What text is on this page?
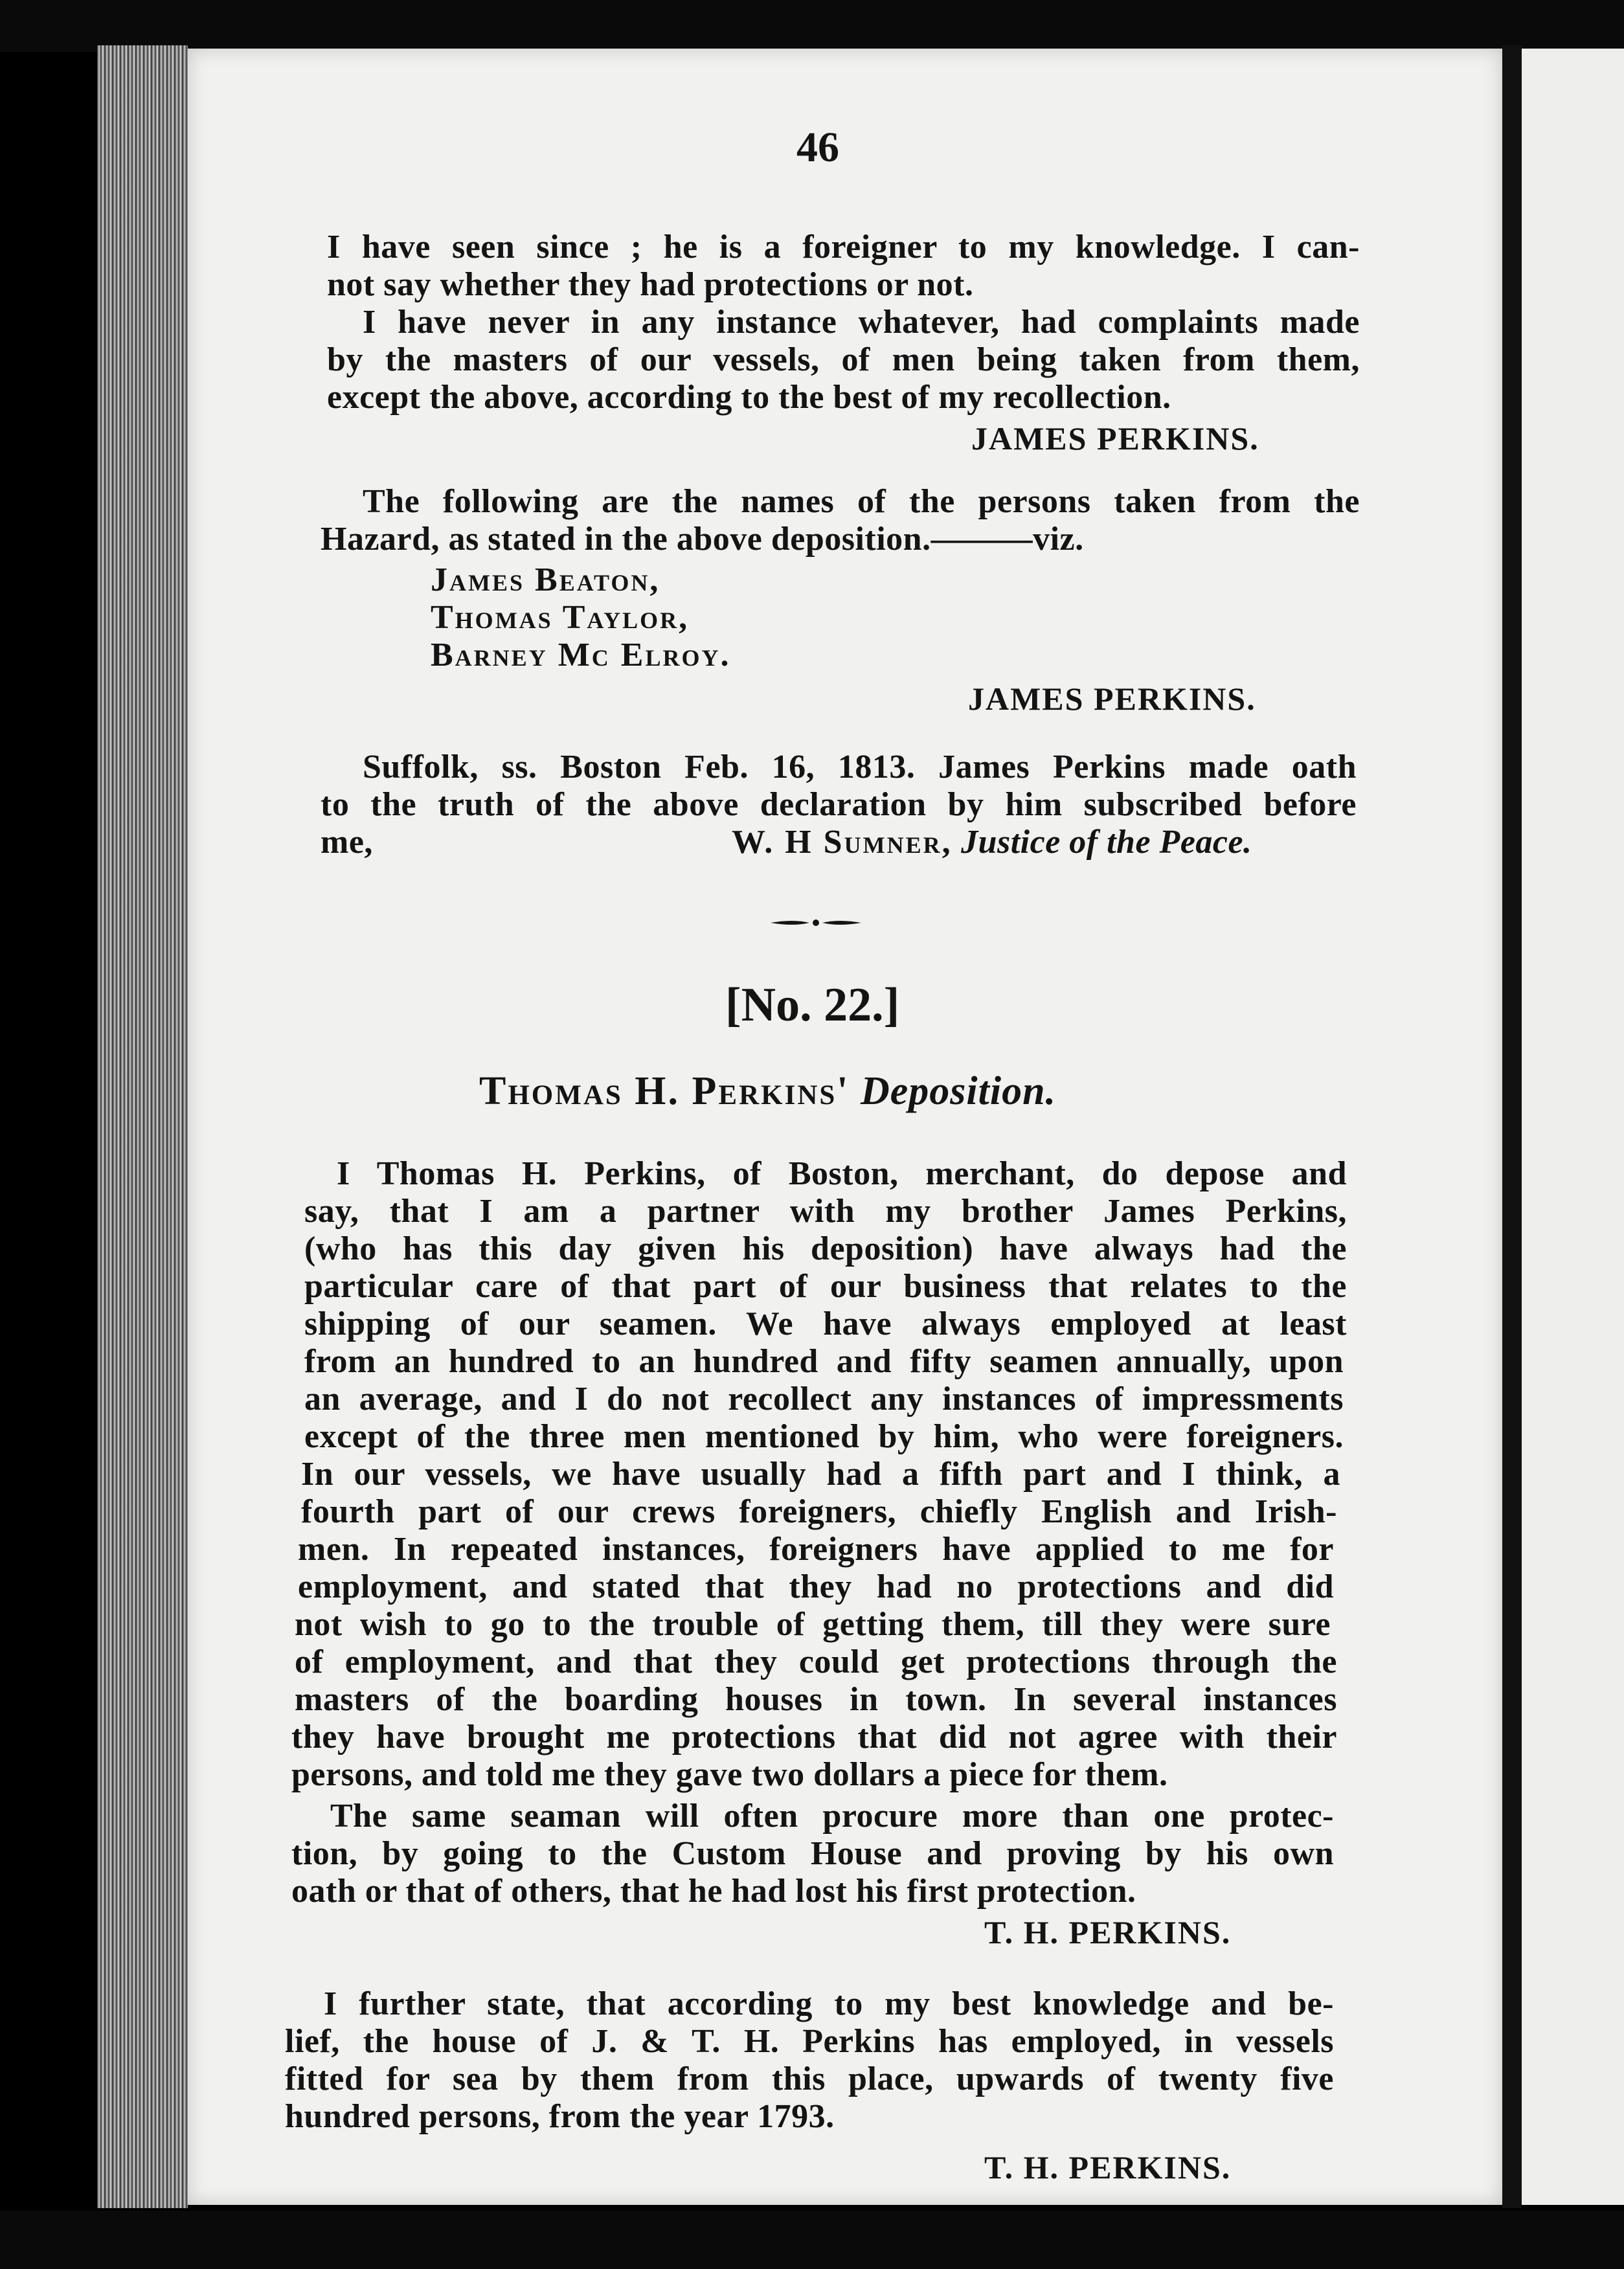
46
I have seen since ; he is a foreigner to my knowledge. I can-
not say whether they had protections or not.
I have never in any instance whatever, had complaints made
by the masters of our vessels, of men being taken from them,
except the above, according to the best of my recollection.
JAMES PERKINS.
The following are the names of the persons taken from the
Hazard, as stated in the above deposition.———viz.
James Beaton,
Thomas Taylor,
Barney Mc Elroy.
JAMES PERKINS.
Suffolk, ss. Boston Feb. 16, 1813. James Perkins made oath
to the truth of the above declaration by him subscribed before
me,	W. H Sumner, Justice of the Peace.
[No. 22.]
Thomas H. Perkins' Deposition.
I Thomas H. Perkins, of Boston, merchant, do depose and
say, that I am a partner with my brother James Perkins,
(who has this day given his deposition) have always had the
particular care of that part of our business that relates to the
shipping of our seamen. We have always employed at least
from an hundred to an hundred and fifty seamen annually, upon
an average, and I do not recollect any instances of impressments
except of the three men mentioned by him, who were foreigners.
In our vessels, we have usually had a fifth part and I think, a
fourth part of our crews foreigners, chiefly English and Irish-
men. In repeated instances, foreigners have applied to me for
employment, and stated that they had no protections and did
not wish to go to the trouble of getting them, till they were sure
of employment, and that they could get protections through the
masters of the boarding houses in town. In several instances
they have brought me protections that did not agree with their
persons, and told me they gave two dollars a piece for them.
The same seaman will often procure more than one protec-
tion, by going to the Custom House and proving by his own
oath or that of others, that he had lost his first protection.
T. H. PERKINS.
I further state, that according to my best knowledge and be-
lief, the house of J. & T. H. Perkins has employed, in vessels
fitted for sea by them from this place, upwards of twenty five
hundred persons, from the year 1793.
T. H. PERKINS.
